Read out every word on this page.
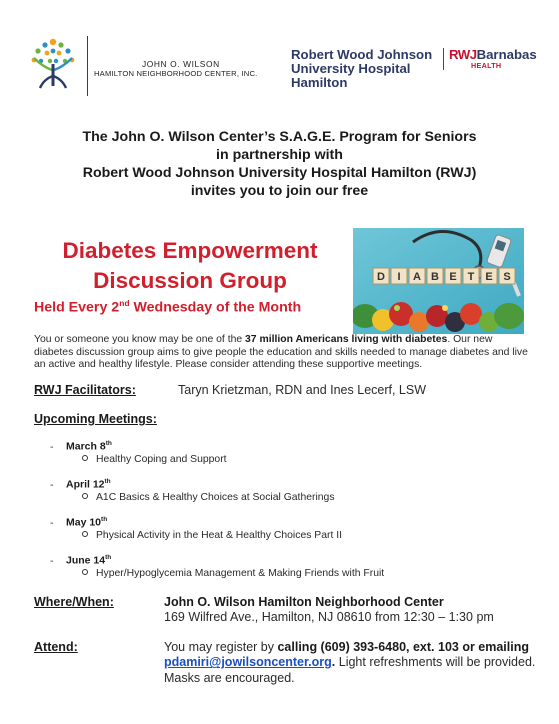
JOHN O. WILSON
HAMILTON NEIGHBORHOOD CENTER, INC.
Robert Wood Johnson
University Hospital
Hamilton
RWJBarnabas
HEALTH
The John O. Wilson Center’s S.A.G.E. Program for Seniors
in partnership with
Robert Wood Johnson University Hospital Hamilton (RWJ)
invites you to join our free
Diabetes Empowerment
Discussion Group
Held Every 2nd Wednesday of the Month
D I A B E T E S
You or someone you know may be one of the 37 million Americans living with diabetes. Our new diabetes discussion group aims to give people the education and skills needed to manage diabetes and live an active and healthy lifestyle. Please consider attending these supportive meetings.
RWJ Facilitators:	Taryn Krietzman, RDN and Ines Lecerf, LSW
Upcoming Meetings:
- March 8th
Healthy Coping and Support
- April 12th
A1C Basics & Healthy Choices at Social Gatherings
- May 10th
Physical Activity in the Heat & Healthy Choices Part II
- June 14th
Hyper/Hypoglycemia Management & Making Friends with Fruit
Where/When:	John O. Wilson Hamilton Neighborhood Center
169 Wilfred Ave., Hamilton, NJ 08610 from 12:30 – 1:30 pm
Attend:	You may register by calling (609) 393-6480, ext. 103 or emailing pdamiri@jowilsoncenter.org. Light refreshments will be provided. Masks are encouraged.
